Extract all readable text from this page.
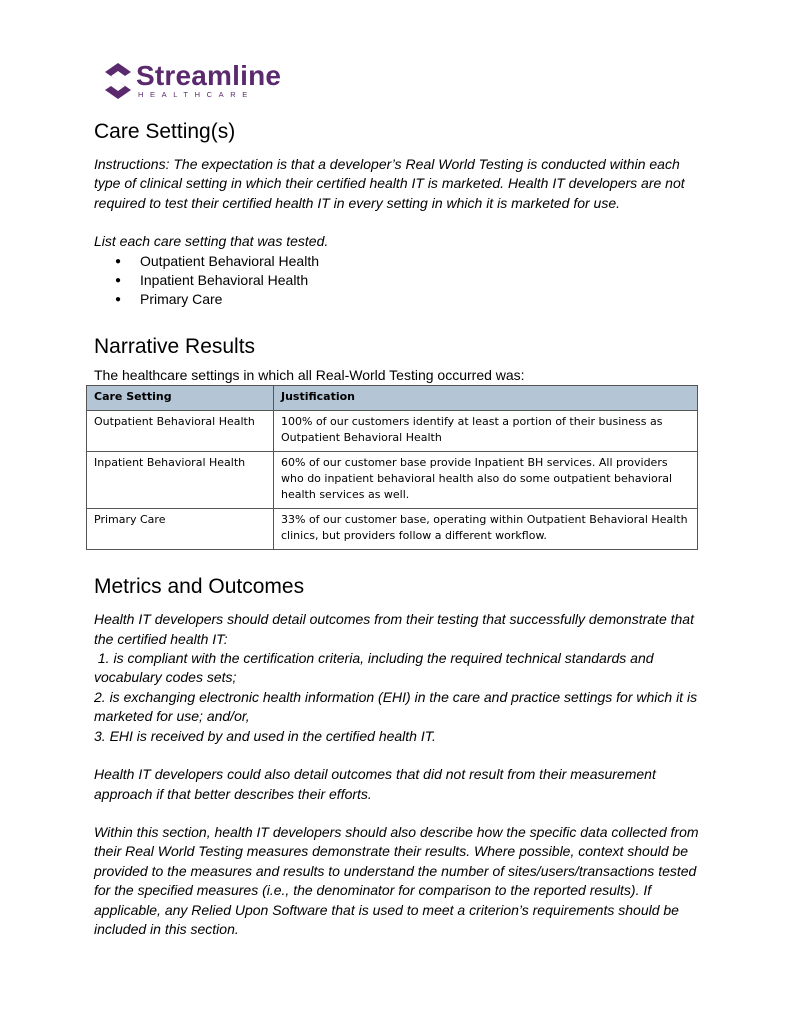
Streamline
HEALTHCARE
Care Setting(s)

Instructions: The expectation is that a developer’s Real World Testing is conducted within each type of clinical setting in which their certified health IT is marketed. Health IT developers are not required to test their certified health IT in every setting in which it is marketed for use.

List each care setting that was tested.

● Outpatient Behavioral Health
● Inpatient Behavioral Health
● Primary Care
Narrative Results

The healthcare settings in which all Real-World Testing occurred was:

Care Setting	Justification
Outpatient Behavioral Health	100% of our customers identify at least a portion of their business as Outpatient Behavioral Health
Inpatient Behavioral Health	60% of our customer base provide Inpatient BH services. All providers who do inpatient behavioral health also do some outpatient behavioral health services as well.
Primary Care	33% of our customer base, operating within Outpatient Behavioral Health clinics, but providers follow a different workflow.
Metrics and Outcomes
Health IT developers should detail outcomes from their testing that successfully demonstrate that the certified health IT:
1. is compliant with the certification criteria, including the required technical standards and vocabulary codes sets;
2. is exchanging electronic health information (EHI) in the care and practice settings for which it is marketed for use; and/or,
3. EHI is received by and used in the certified health IT.

Health IT developers could also detail outcomes that did not result from their measurement approach if that better describes their efforts.

Within this section, health IT developers should also describe how the specific data collected from their Real World Testing measures demonstrate their results. Where possible, context should be provided to the measures and results to understand the number of sites/users/transactions tested for the specified measures (i.e., the denominator for comparison to the reported results). If applicable, any Relied Upon Software that is used to meet a criterion’s requirements should be included in this section.
